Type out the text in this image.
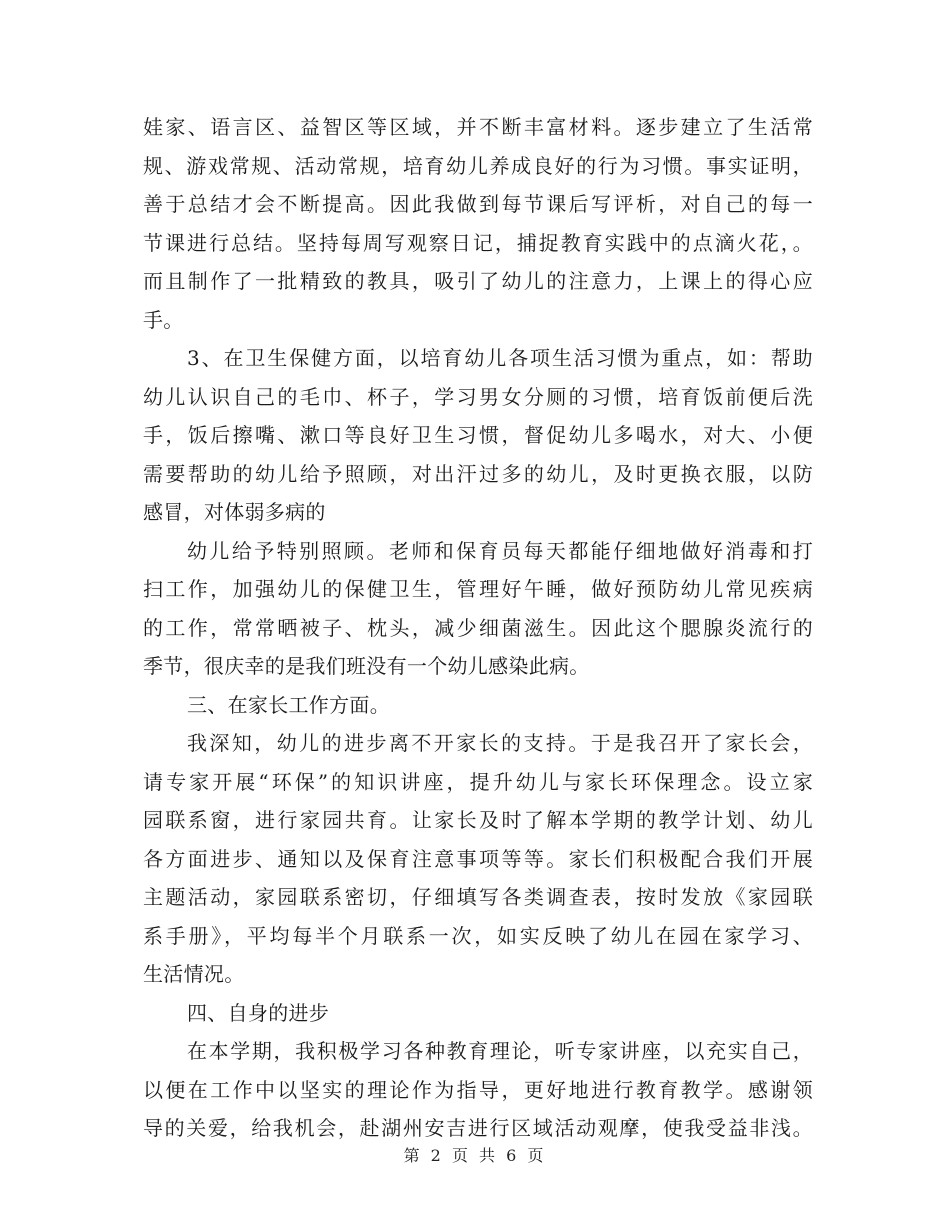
娃家、语言区、益智区等区域，并不断丰富材料。逐步建立了生活常
规、游戏常规、活动常规，培育幼儿养成良好的行为习惯。事实证明，
善于总结才会不断提高。因此我做到每节课后写评析，对自己的每一
节课进行总结。坚持每周写观察日记，捕捉教育实践中的点滴火花，。
而且制作了一批精致的教具，吸引了幼儿的注意力，上课上的得心应
手。
3、在卫生保健方面，以培育幼儿各项生活习惯为重点，如：帮助
幼儿认识自己的毛巾、杯子，学习男女分厕的习惯，培育饭前便后洗
手，饭后擦嘴、漱口等良好卫生习惯，督促幼儿多喝水，对大、小便
需要帮助的幼儿给予照顾，对出汗过多的幼儿，及时更换衣服，以防
感冒，对体弱多病的
幼儿给予特别照顾。老师和保育员每天都能仔细地做好消毒和打
扫工作，加强幼儿的保健卫生，管理好午睡，做好预防幼儿常见疾病
的工作，常常晒被子、枕头，减少细菌滋生。因此这个腮腺炎流行的
季节，很庆幸的是我们班没有一个幼儿感染此病。
三、在家长工作方面。
我深知，幼儿的进步离不开家长的支持。于是我召开了家长会，
请专家开展“环保”的知识讲座，提升幼儿与家长环保理念。设立家
园联系窗，进行家园共育。让家长及时了解本学期的教学计划、幼儿
各方面进步、通知以及保育注意事项等等。家长们积极配合我们开展
主题活动，家园联系密切，仔细填写各类调查表，按时发放《家园联
系手册》，平均每半个月联系一次，如实反映了幼儿在园在家学习、
生活情况。
四、自身的进步
在本学期，我积极学习各种教育理论，听专家讲座，以充实自己，
以便在工作中以坚实的理论作为指导，更好地进行教育教学。感谢领
导的关爱，给我机会，赴湖州安吉进行区域活动观摩，使我受益非浅。
第 2 页 共 6 页
